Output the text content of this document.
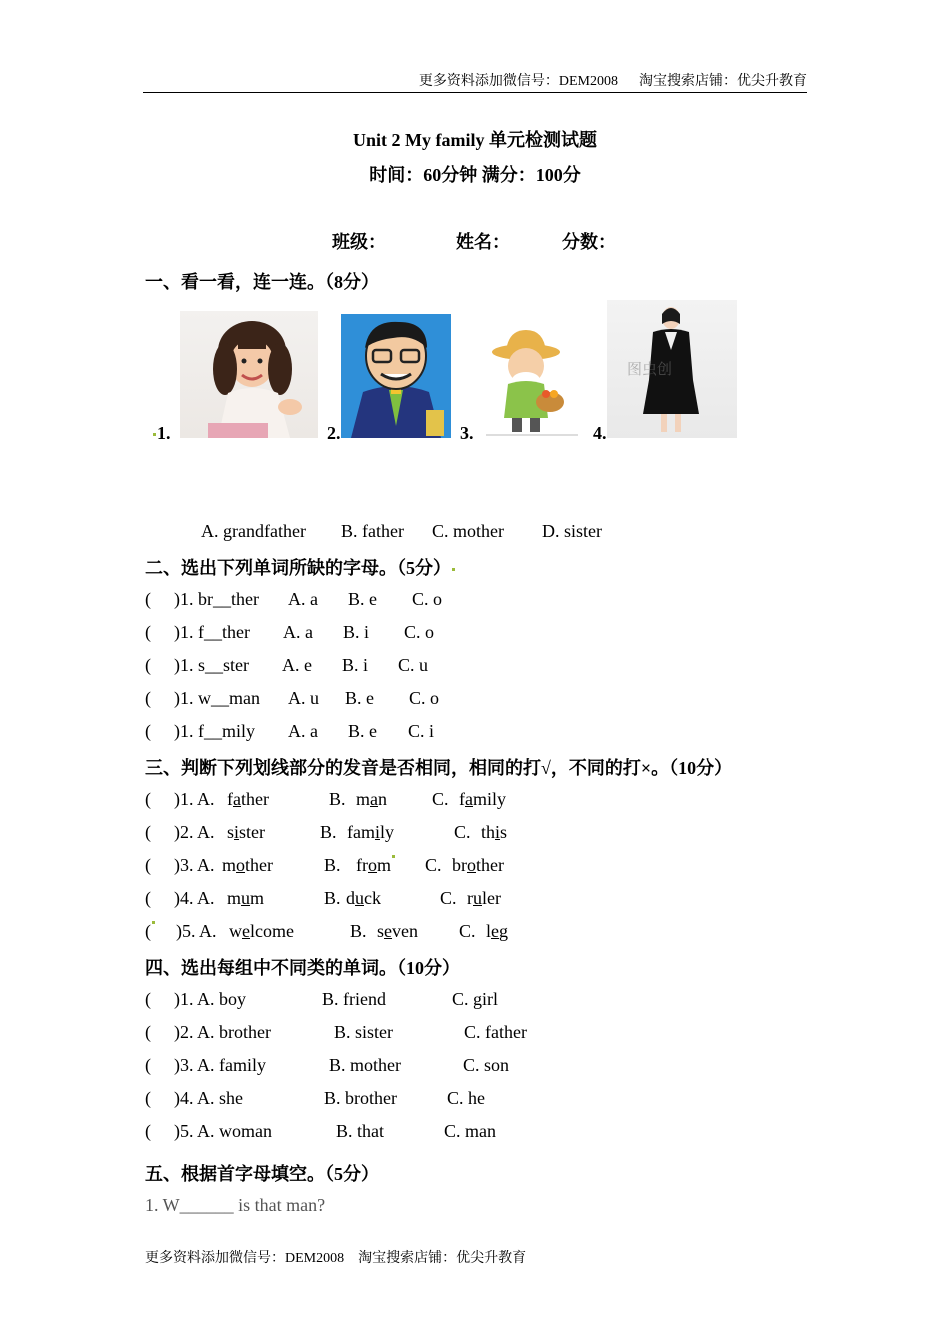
更多资料添加微信号：DEM2008      淘宝搜索店铺：优尖升教育
Unit 2 My family 单元检测试题
时间：60分钟 满分：100分
班级：	姓名：	分数：
一、看一看，连一连。（8分）
图虫创
1.	2.	3.	4.
A. grandfather B. father C. mother D. sister
二、选出下列单词所缺的字母。（5分）
( )1. br__ther A. a B. e C. o
( )1. f__ther A. a B. i C. o
( )1. s__ster A. e B. i C. u
( )1. w__man A. u B. e C. o
( )1. f__mily A. a B. e C. i
三、判断下列划线部分的发音是否相同，相同的打√，不同的打×。（10分）
( )1. A. father	B. man C. family
( )2. A. sister	B. family	C. this
( )3. A. mother	B. from C. brother
( )4. A. mum	B. duck	C. ruler
( )5. A. welcome	B. seven C. leg
四、选出每组中不同类的单词。（10分）
( )1. A. boy	B. friend	C. girl
( )2. A. brother	B. sister	C. father
( )3. A. family	B. mother	C. son
( )4. A. she	B. brother	C. he
( )5. A. woman	B. that	C. man
五、根据首字母填空。（5分）
1. W______ is that man?
更多资料添加微信号：DEM2008    淘宝搜索店铺：优尖升教育
